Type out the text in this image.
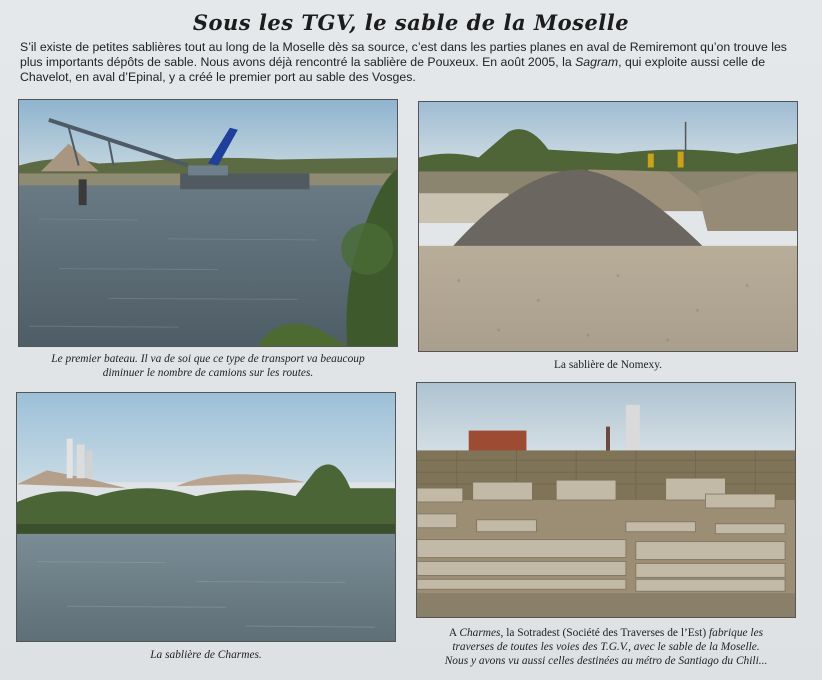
Sous les TGV, le sable de la Moselle
S’il existe de petites sablières tout au long de la Moselle dès sa source, c’est dans les parties planes en aval de Remiremont qu’on trouve les plus importants dépôts de sable. Nous avons déjà rencontré la sablière de Pouxeux. En août 2005, la Sagram, qui exploite aussi celle de Chavelot, en aval d’Epinal, y a créé le premier port au sable des Vosges.
Le premier bateau. Il va de soi que ce type de transport va beaucoup
diminuer le nombre de camions sur les routes.
La sablière de Nomexy.
La sablière de Charmes.
A Charmes, la Sotradest (Société des Traverses de l’Est) fabrique les
traverses de toutes les voies des T.G.V., avec le sable de la Moselle.
Nous y avons vu aussi celles destinées au métro de Santiago du Chili...
